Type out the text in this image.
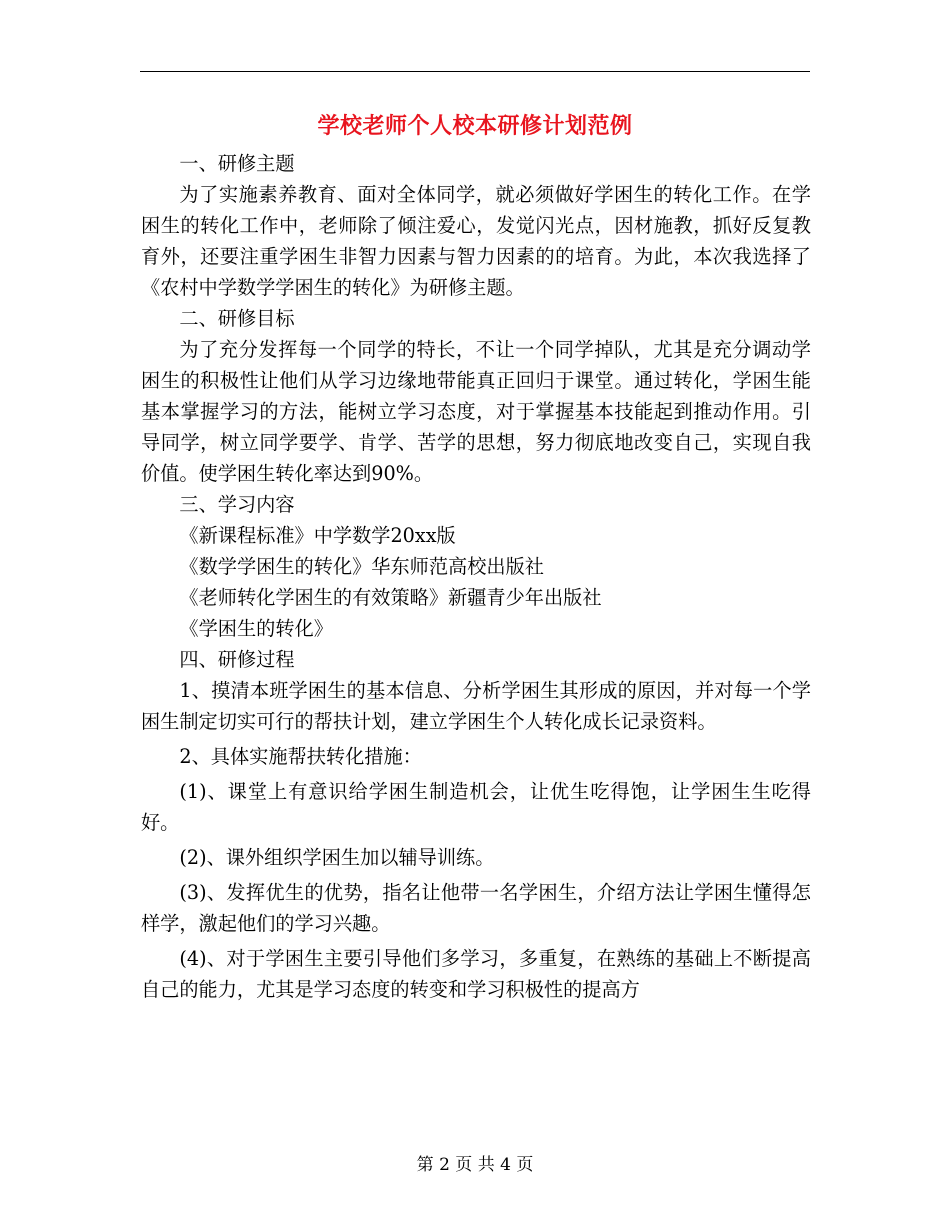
学校老师个人校本研修计划范例

一、研修主题

为了实施素养教育、面对全体同学，就必须做好学困生的转化工作。在学困生的转化工作中，老师除了倾注爱心，发觉闪光点，因材施教，抓好反复教育外，还要注重学困生非智力因素与智力因素的的培育。为此，本次我选择了《农村中学数学学困生的转化》为研修主题。

二、研修目标

为了充分发挥每一个同学的特长，不让一个同学掉队，尤其是充分调动学困生的积极性让他们从学习边缘地带能真正回归于课堂。通过转化，学困生能基本掌握学习的方法，能树立学习态度，对于掌握基本技能起到推动作用。引导同学，树立同学要学、肯学、苦学的思想，努力彻底地改变自己，实现自我价值。使学困生转化率达到90%。

三、学习内容

《新课程标准》中学数学20xx版

《数学学困生的转化》华东师范高校出版社

《老师转化学困生的有效策略》新疆青少年出版社

《学困生的转化》

四、研修过程

1、摸清本班学困生的基本信息、分析学困生其形成的原因，并对每一个学困生制定切实可行的帮扶计划，建立学困生个人转化成长记录资料。

2、具体实施帮扶转化措施：

(1)、课堂上有意识给学困生制造机会，让优生吃得饱，让学困生生吃得好。

(2)、课外组织学困生加以辅导训练。

(3)、发挥优生的优势，指名让他带一名学困生，介绍方法让学困生懂得怎样学，激起他们的学习兴趣。

(4)、对于学困生主要引导他们多学习，多重复，在熟练的基础上不断提高自己的能力，尤其是学习态度的转变和学习积极性的提高方

第 2 页 共 4 页
